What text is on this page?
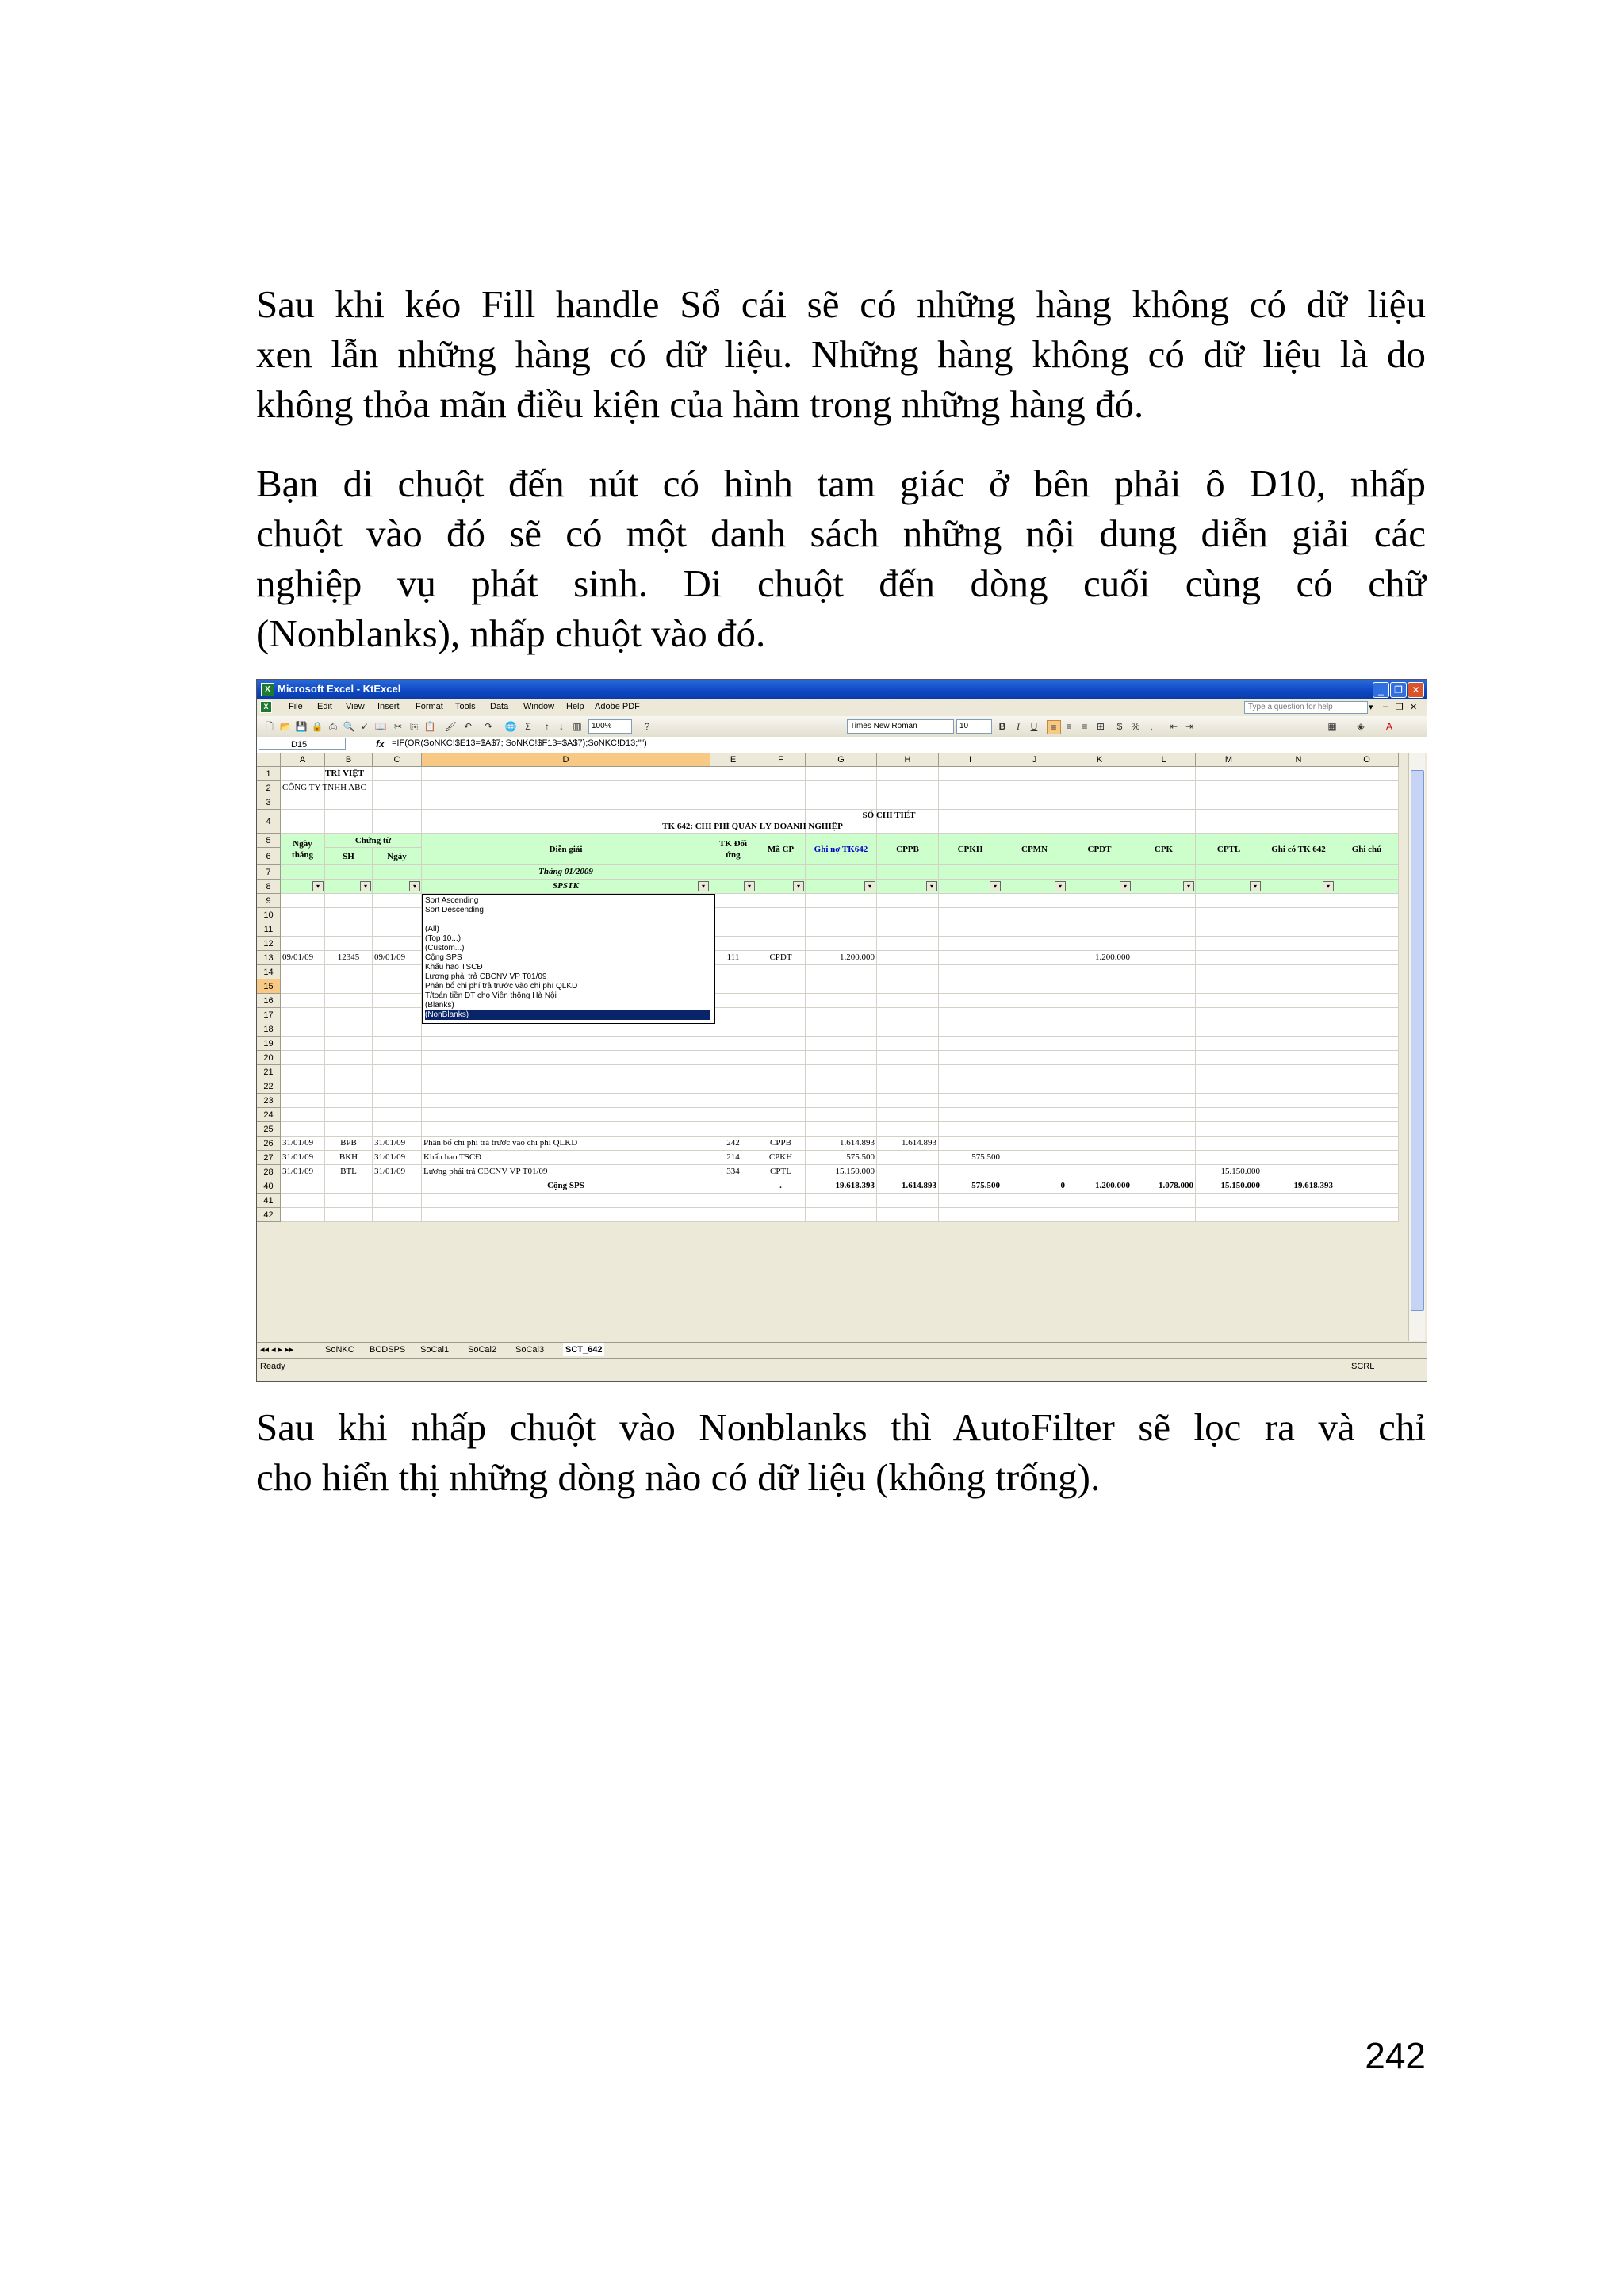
Sau khi kéo Fill handle Sổ cái sẽ có những hàng không có dữ liệu
xen lẫn những hàng có dữ liệu. Những hàng không có dữ liệu là do
không thỏa mãn điều kiện của hàm trong những hàng đó.
Bạn di chuột đến nút có hình tam giác ở bên phải ô D10, nhấp
chuột vào đó sẽ có một danh sách những nội dung diễn giải các
nghiệp vụ phát sinh. Di chuột đến dòng cuối cùng có chữ
(Nonblanks), nhấp chuột vào đó.
X Microsoft Excel - KtExcel	_	❐ ✕
X	File Edit View Insert Format Tools Data Window Help Adobe PDF	Type a question for help	▾ – ❐ ✕
🗋 📂 💾 🔒 ⎙ 🔍 ✓ 📖 ✂ ⎘ 📋 🖌 ↶ ↷ 🌐 Σ	↑	↓ ▥	100%	?	Times New Roman	10	B	I	U	≡ ≡	≡ ⊞	$ %	,	⇤ ⇥	▦ ◈	A
D15	fx =IF(OR(SoNKC!$E13=$A$7; SoNKC!$F13=$A$7);SoNKC!D13;"")
A	B	C	D	E	F	G	H	I	J	K	L	M	N	O
1
2
3
4
5
6
7
8
9
10
11
12
13
14
15
16
17
18
19
20
21
22
23
24
25
26
27
28
40
41
42
TRÍ VIỆT
CÔNG TY TNHH ABC
SỔ CHI TIẾT
TK 642: CHI PHÍ QUẢN LÝ DOANH NGHIỆP
Ngày tháng
Chứng từ
SH	Ngày
Diễn giải
TK Đối ứng
Mã CP	Ghi nợ TK642	CPPB	CPKH	CPMN	CPDT	CPK	CPTL	Ghi có TK 642	Ghi chú
Tháng 01/2009
SPSTK
▾	▾	▾	▾	▾	▾	▾	▾	▾	▾	▾	▾	▾	▾
09/01/09	12345	09/01/09	111	CPDT	1.200.000	1.200.000
31/01/09	BPB	31/01/09	Phân bổ chi phí trả trước vào chi phí QLKD	242	CPPB	1.614.893	1.614.893
31/01/09	BKH	31/01/09	Khấu hao TSCĐ	214	CPKH	575.500	575.500
31/01/09	BTL	31/01/09	Lương phải trả CBCNV VP T01/09	334	CPTL	15.150.000	15.150.000
Cộng SPS	.	19.618.393	1.614.893	575.500	0	1.200.000	1.078.000	15.150.000	19.618.393
Sort Ascending
Sort Descending
(All)
(Top 10...)
(Custom...)
Cộng SPS
Khấu hao TSCĐ
Lương phải trả CBCNV VP T01/09
Phân bổ chi phí trả trước vào chi phí QLKD
T/toán tiền ĐT cho Viễn thông Hà Nội
(Blanks)
(NonBlanks)
◂◂ ◂ ▸ ▸▸	SoNKC BCDSPS SoCai1 SoCai2 SoCai3 SCT_642
Ready	SCRL
Sau khi nhấp chuột vào Nonblanks thì AutoFilter sẽ lọc ra và chỉ
cho hiển thị những dòng nào có dữ liệu (không trống).
242
